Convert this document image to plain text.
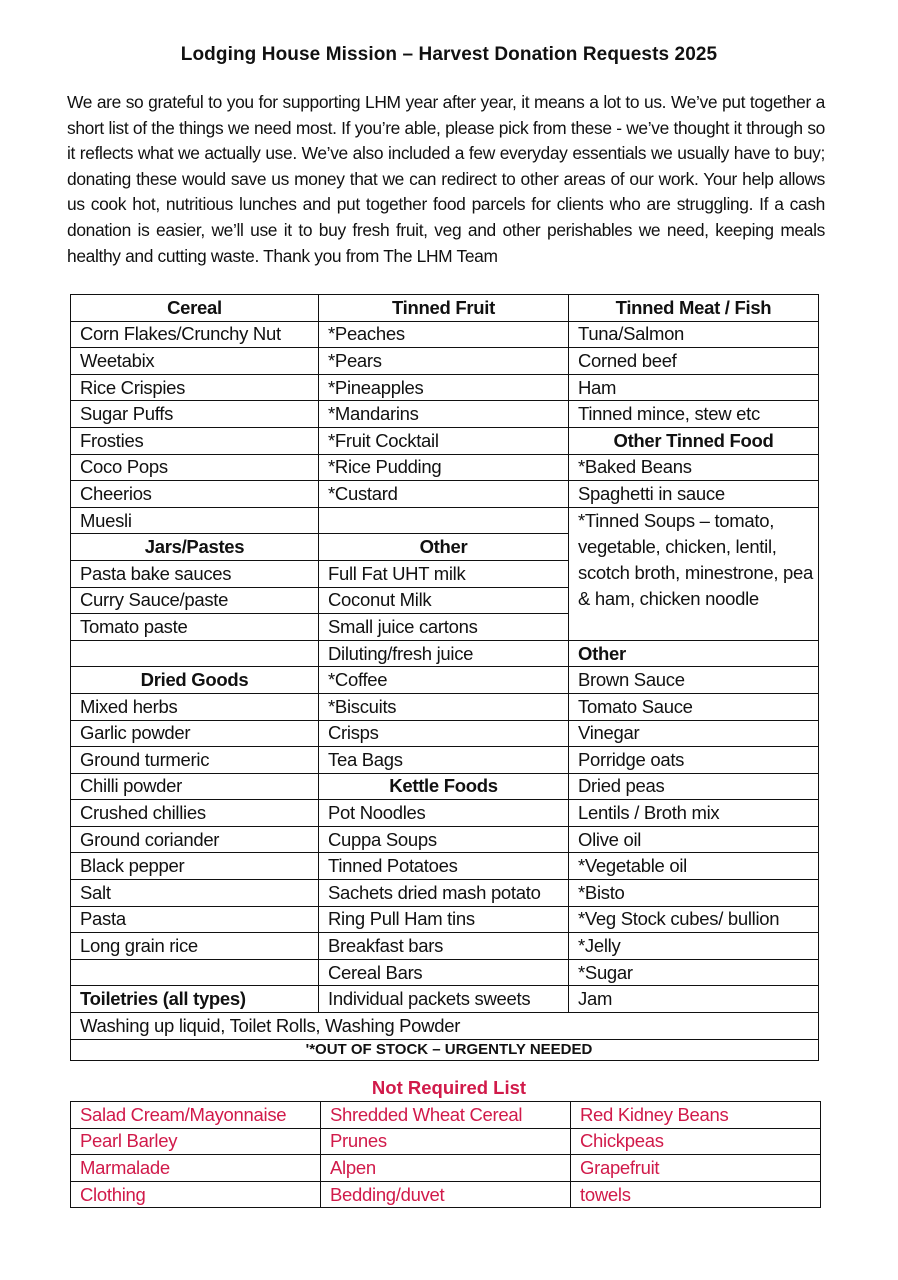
Lodging House Mission – Harvest Donation Requests 2025
We are so grateful to you for supporting LHM year after year, it means a lot to us. We’ve put together a short list of the things we need most. If you’re able, please pick from these - we’ve thought it through so it reflects what we actually use. We’ve also included a few everyday essentials we usually have to buy; donating these would save us money that we can redirect to other areas of our work. Your help allows us cook hot, nutritious lunches and put together food parcels for clients who are struggling. If a cash donation is easier, we’ll use it to buy fresh fruit, veg and other perishables we need, keeping meals healthy and cutting waste. Thank you from The LHM Team
Cereal	Tinned Fruit	Tinned Meat / Fish
Corn Flakes/Crunchy Nut	*Peaches	Tuna/Salmon
Weetabix	*Pears	Corned beef
Rice Crispies	*Pineapples	Ham
Sugar Puffs	*Mandarins	Tinned mince, stew etc
Frosties	*Fruit Cocktail	Other Tinned Food
Coco Pops	*Rice Pudding	*Baked Beans
Cheerios	*Custard	Spaghetti in sauce
Muesli		*Tinned Soups – tomato, vegetable, chicken, lentil, scotch broth, minestrone, pea & ham, chicken noodle
Jars/Pastes	Other	
Pasta bake sauces	Full Fat UHT milk	
Curry Sauce/paste	Coconut Milk	
Tomato paste	Small juice cartons	
	Diluting/fresh juice	Other
Dried Goods	*Coffee	Brown Sauce
Mixed herbs	*Biscuits	Tomato Sauce
Garlic powder	Crisps	Vinegar
Ground turmeric	Tea Bags	Porridge oats
Chilli powder	Kettle Foods	Dried peas
Crushed chillies	Pot Noodles	Lentils / Broth mix
Ground coriander	Cuppa Soups	Olive oil
Black pepper	Tinned Potatoes	*Vegetable oil
Salt	Sachets dried mash potato	*Bisto
Pasta	Ring Pull Ham tins	*Veg Stock cubes/ bullion
Long grain rice	Breakfast bars	*Jelly
	Cereal Bars	*Sugar
Toiletries (all types)	Individual packets sweets	Jam
Washing up liquid, Toilet Rolls, Washing Powder		
'*OUT OF STOCK – URGENTLY NEEDED		
Not Required List
Salad Cream/Mayonnaise	Shredded Wheat Cereal	Red Kidney Beans
Pearl Barley	Prunes	Chickpeas
Marmalade	Alpen	Grapefruit
Clothing	Bedding/duvet	towels
